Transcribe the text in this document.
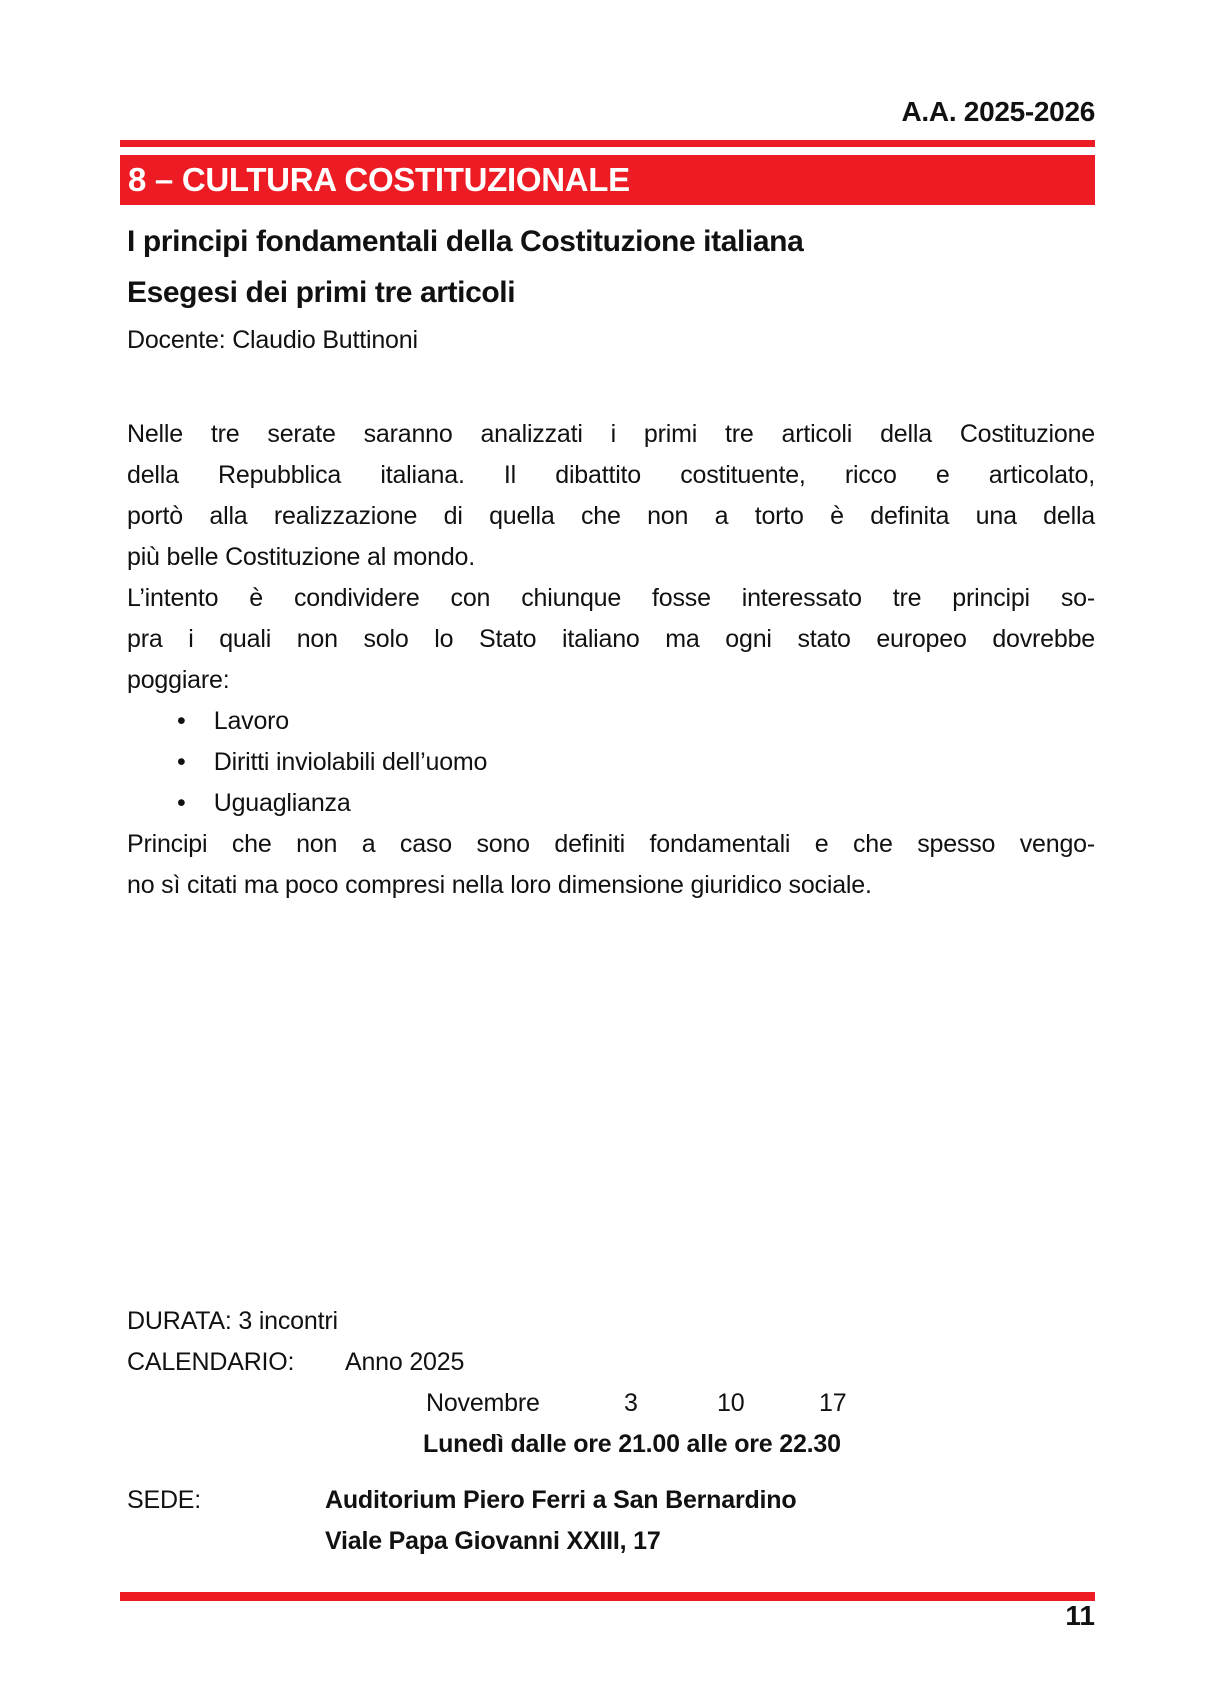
A.A. 2025-2026
8 – CULTURA COSTITUZIONALE
I principi fondamentali della Costituzione italiana
Esegesi dei primi tre articoli
Docente: Claudio Buttinoni
Nelle tre serate saranno analizzati i primi tre articoli della Costituzione
della Repubblica italiana. Il dibattito costituente, ricco e articolato,
portò alla realizzazione di quella che non a torto è definita una della
più belle Costituzione al mondo.
L’intento è condividere con chiunque fosse interessato tre principi so-
pra i quali non solo lo Stato italiano ma ogni stato europeo dovrebbe
poggiare:
• Lavoro
• Diritti inviolabili dell’uomo
• Uguaglianza
Principi che non a caso sono definiti fondamentali e che spesso vengo-
no sì citati ma poco compresi nella loro dimensione giuridico sociale.
DURATA: 3 incontri
CALENDARIO: Anno 2025
Novembre	3	10	17
Lunedì dalle ore 21.00 alle ore 22.30
SEDE:	Auditorium Piero Ferri a San Bernardino
Viale Papa Giovanni XXIII, 17
11
